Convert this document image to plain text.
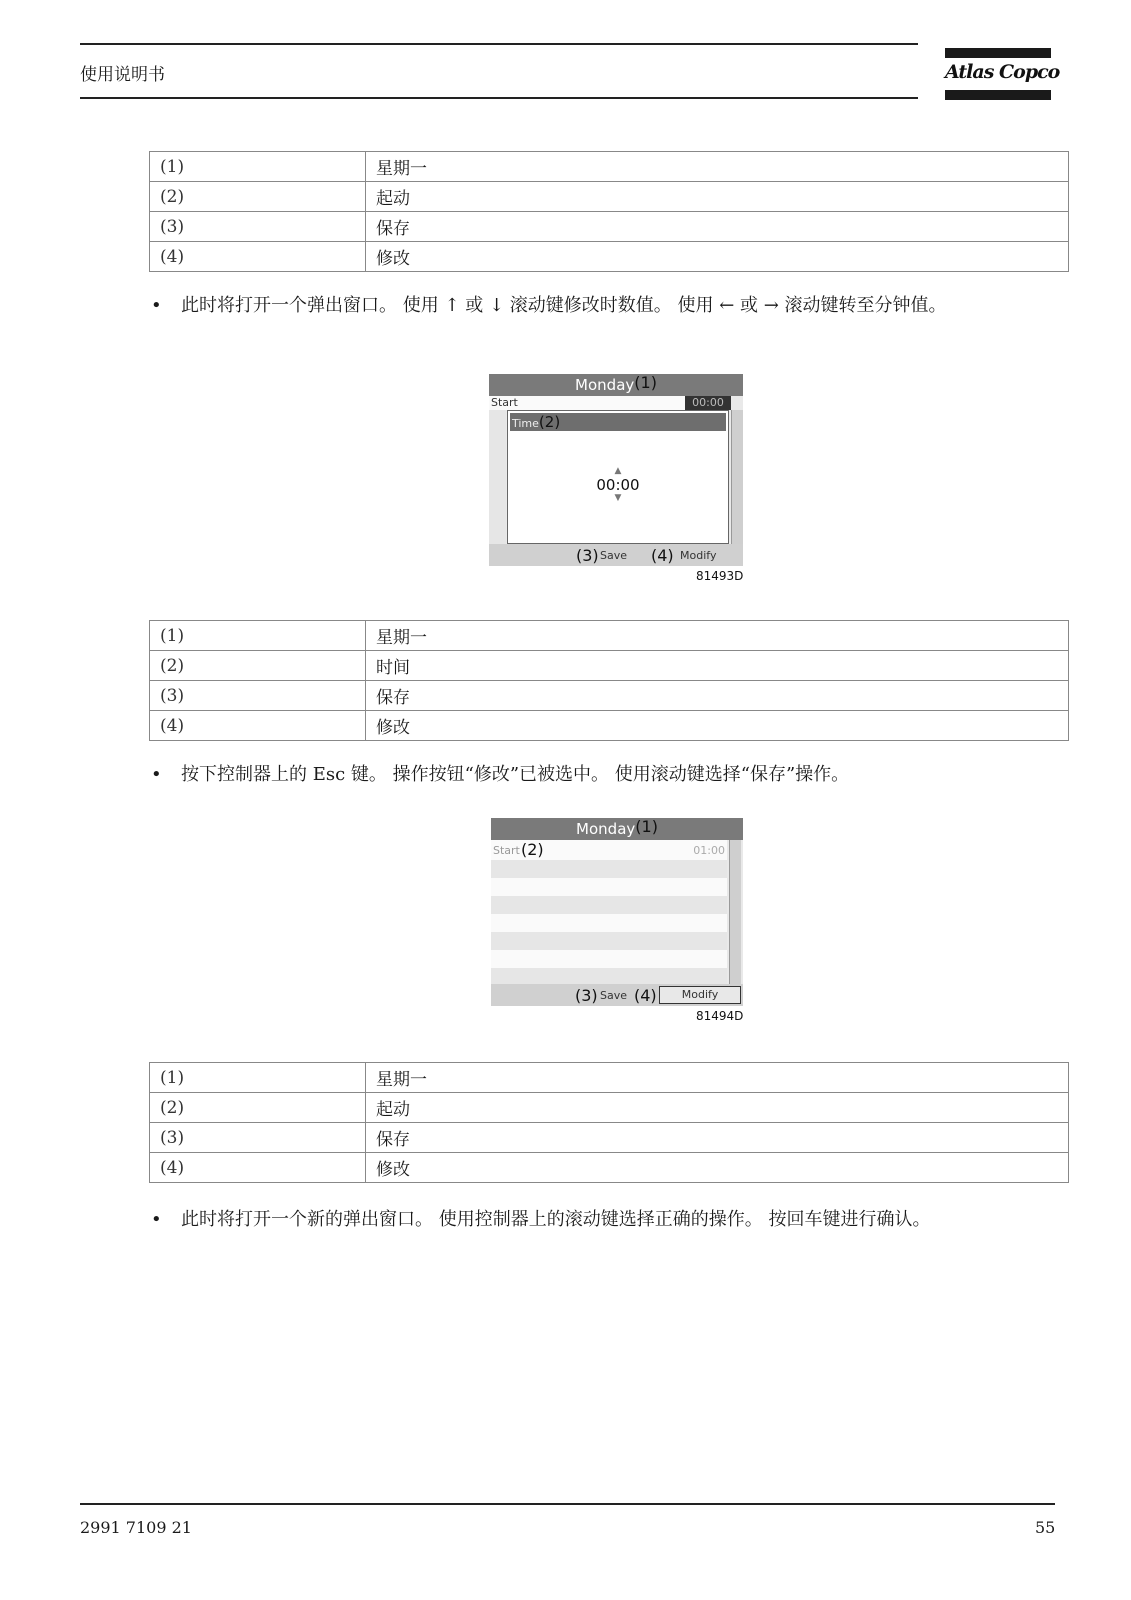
使用说明书	Atlas Copco
(1)	星期一
(2)	起动
(3)	保存
(4)	修改
• 此时将打开一个弹出窗口。 使用 ↑ 或 ↓ 滚动键修改时数值。 使用 ← 或 → 滚动键转至分钟值。
Monday(1)
Start	00:00
Time(2)
▲
00:00
▼
(3) Save (4) Modify
81493D
(1)	星期一
(2)	时间
(3)	保存
(4)	修改
• 按下控制器上的 Esc 键。 操作按钮“修改”已被选中。 使用滚动键选择“保存”操作。
Monday(1)
Start (2)	01:00
(3) Save (4)	Modify
81494D
(1)	星期一
(2)	起动
(3)	保存
(4)	修改
• 此时将打开一个新的弹出窗口。 使用控制器上的滚动键选择正确的操作。 按回车键进行确认。
2991 7109 21	55
